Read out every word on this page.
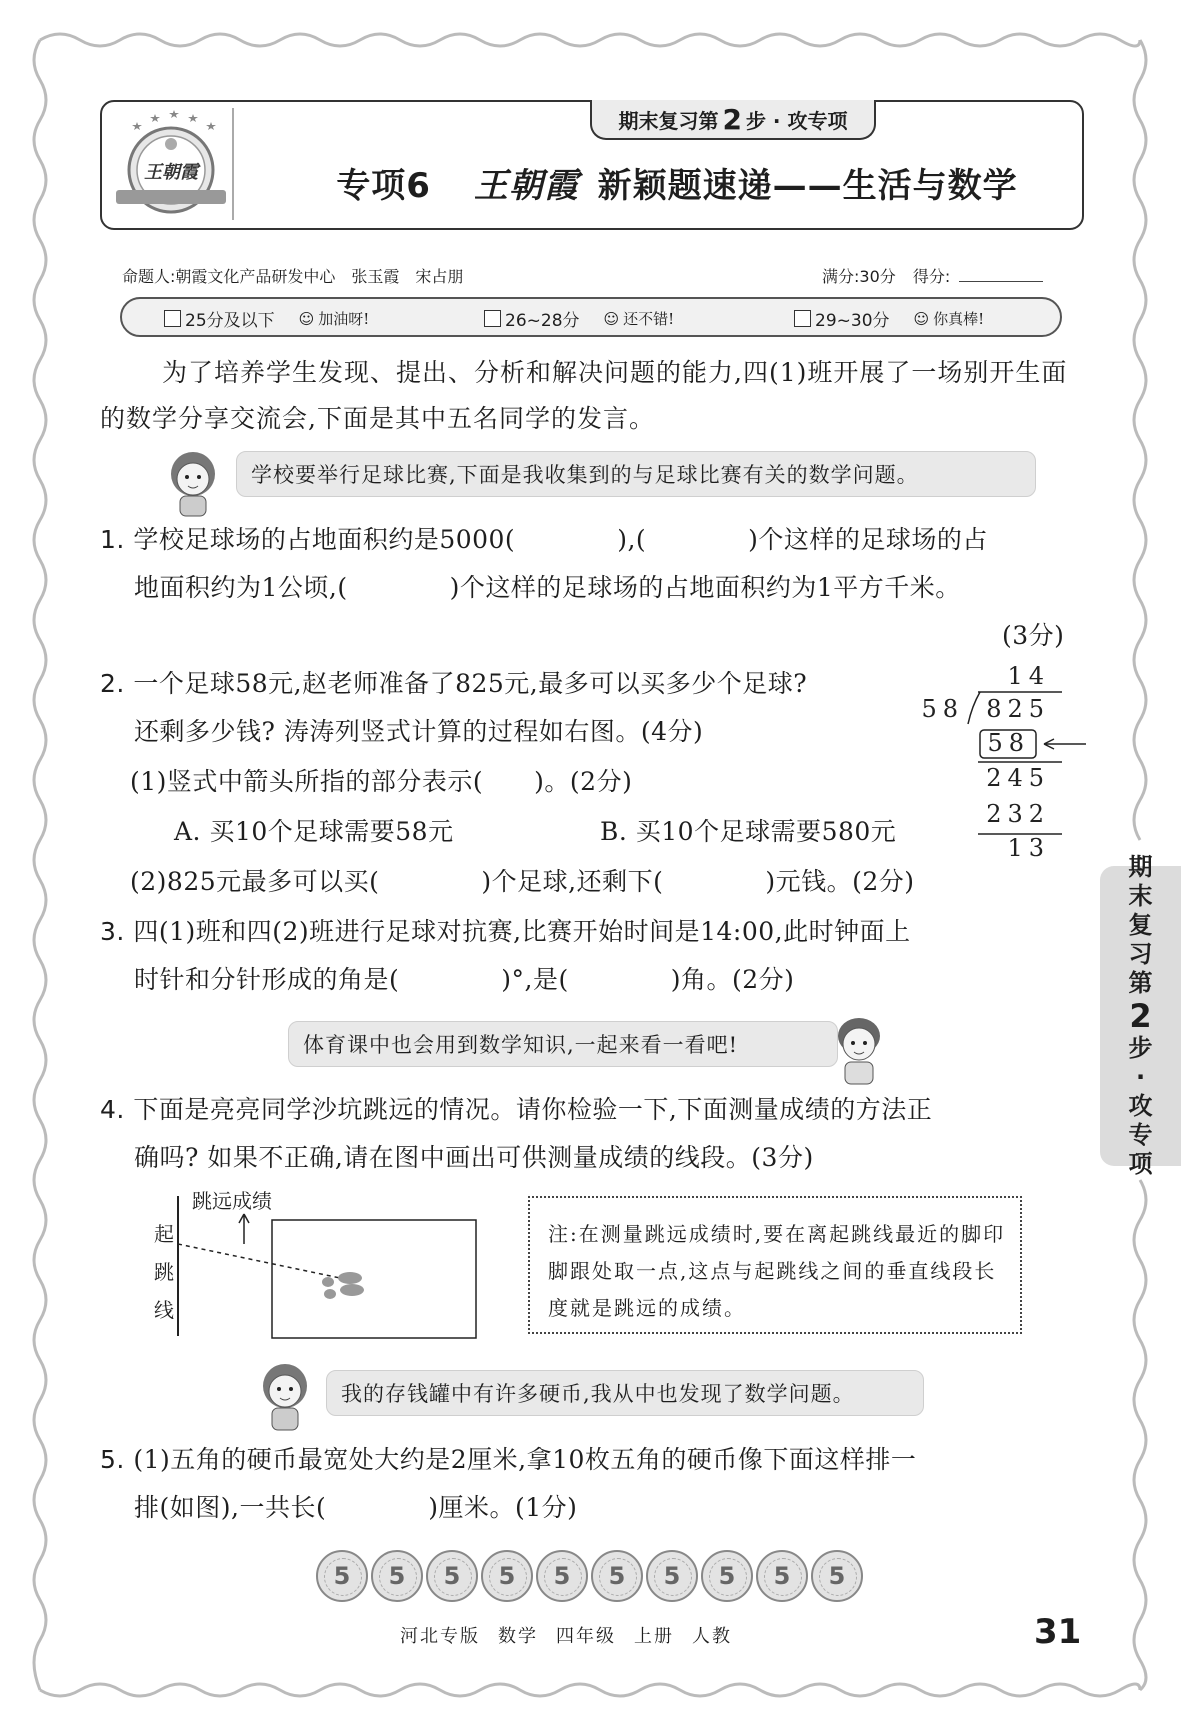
王朝霞
期末复习第 2 步 · 攻专项
专项6 王朝霞 新颖题速递——生活与数学
命题人:朝霞文化产品研发中心　张玉霞　宋占朋	满分:30分 得分:
25分及以下 ☺ 加油呀!	26~28分 ☺ 还不错!	29~30分 ☺ 你真棒!
为了培养学生发现、提出、分析和解决问题的能力,四(1)班开展了一场别开生面的数学分享交流会,下面是其中五名同学的发言。
学校要举行足球比赛,下面是我收集到的与足球比赛有关的数学问题。
1. 学校足球场的占地面积约是5000(　　　　),(　　　　)个这样的足球场的占
地面积约为1公顷,(　　　　)个这样的足球场的占地面积约为1平方千米。
(3分)
2. 一个足球58元,赵老师准备了825元,最多可以买多少个足球?
还剩多少钱? 涛涛列竖式计算的过程如右图。(4分)
(1)竖式中箭头所指的部分表示(　　)。(2分)
A. 买10个足球需要58元	B. 买10个足球需要580元
(2)825元最多可以买(　　　　)个足球,还剩下(　　　　)元钱。(2分)
14
58 825
58
245
232
13
3. 四(1)班和四(2)班进行足球对抗赛,比赛开始时间是14:00,此时钟面上
时针和分针形成的角是(　　　　)°,是(　　　　)角。(2分)
体育课中也会用到数学知识,一起来看一看吧!
4. 下面是亮亮同学沙坑跳远的情况。请你检验一下,下面测量成绩的方法正
确吗? 如果不正确,请在图中画出可供测量成绩的线段。(3分)
跳远成绩
起
跳
线
注:在测量跳远成绩时,要在离起跳线最近的脚印脚跟处取一点,这点与起跳线之间的垂直线段长度就是跳远的成绩。
我的存钱罐中有许多硬币,我从中也发现了数学问题。
5. (1)五角的硬币最宽处大约是2厘米,拿10枚五角的硬币像下面这样排一
排(如图),一共长(　　　　)厘米。(1分)
5	5	5	5	5	5	5	5	5	5
期
末
复
习
第
2
步
·
攻
专
项
河北专版 数学 四年级 上册 人教	31
